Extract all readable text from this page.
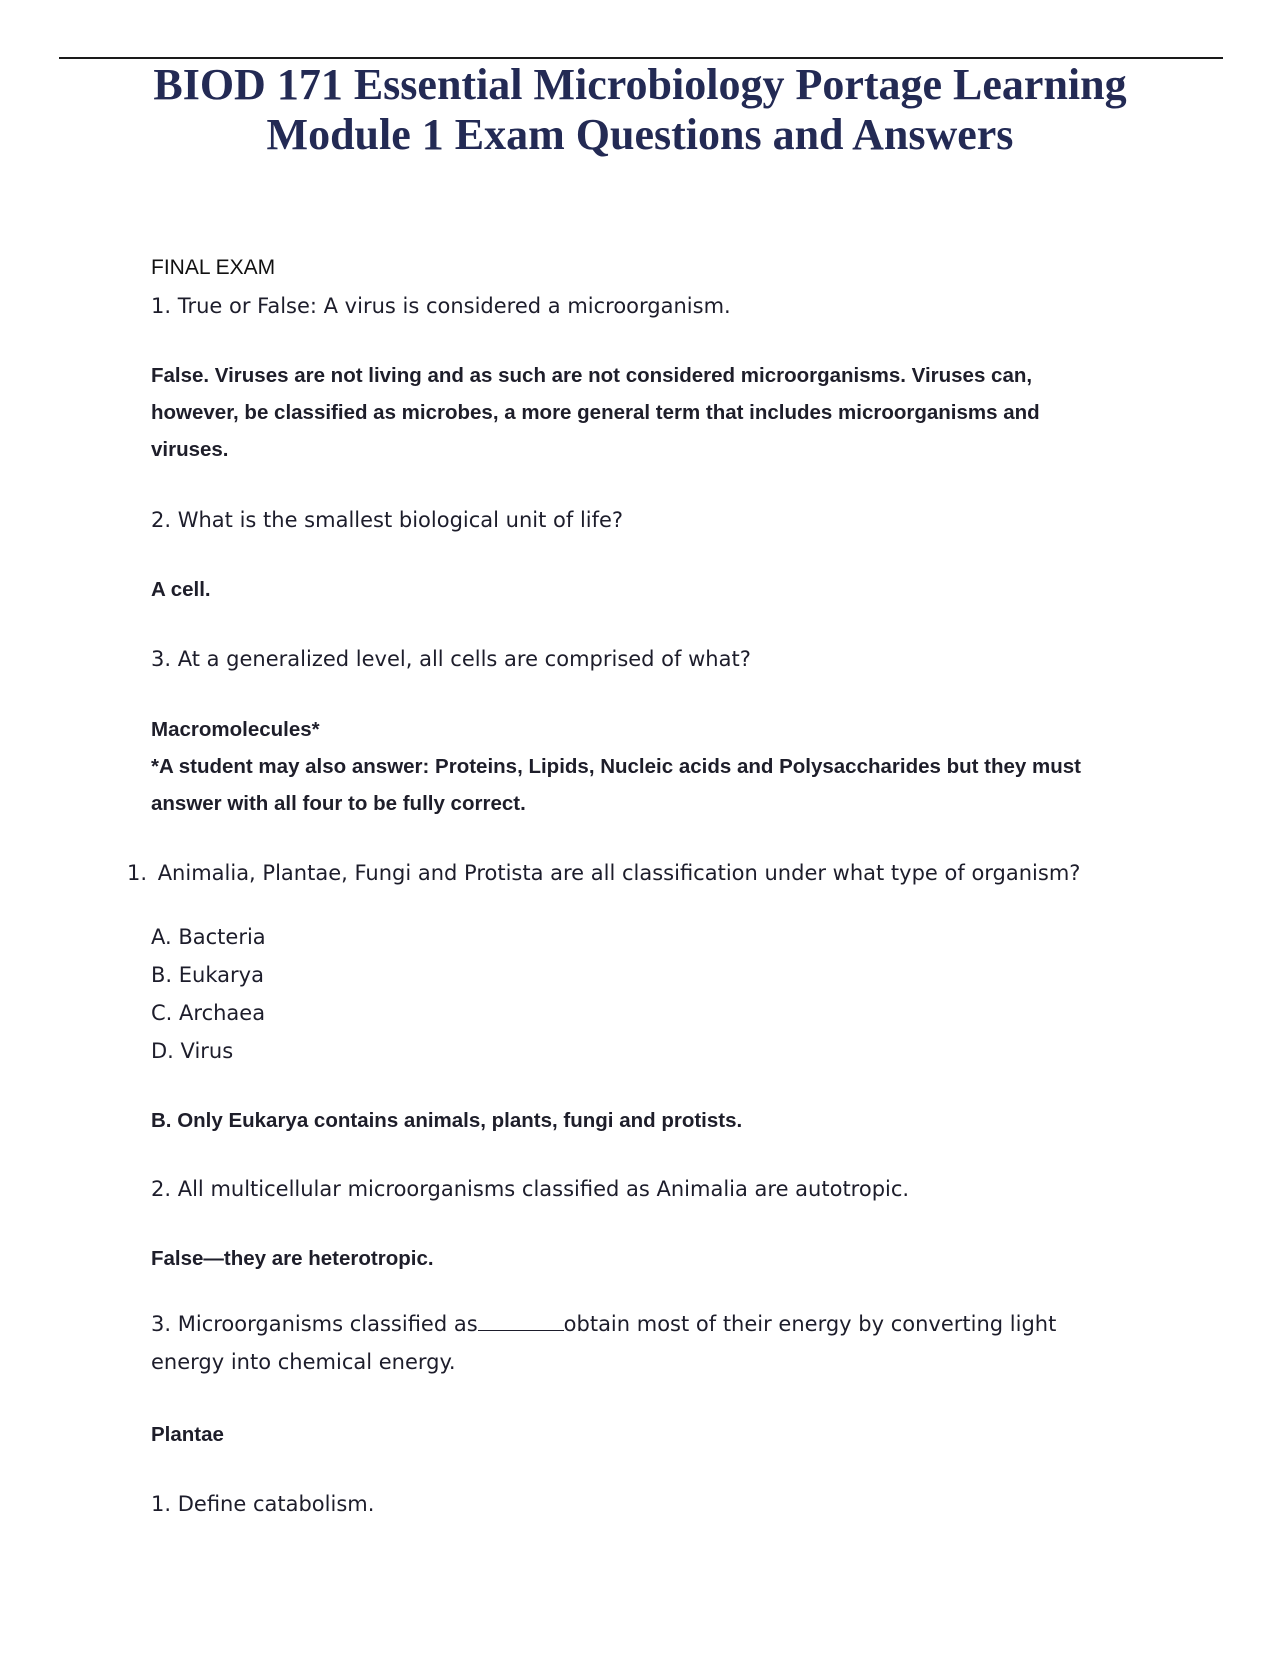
BIOD 171 Essential Microbiology Portage Learning
Module 1 Exam Questions and Answers

FINAL EXAM

1. True or False: A virus is considered a microorganism.

False. Viruses are not living and as such are not considered microorganisms. Viruses can, however, be classified as microbes, a more general term that includes microorganisms and viruses.

2. What is the smallest biological unit of life?

A cell.

3. At a generalized level, all cells are comprised of what?

Macromolecules*

*A student may also answer: Proteins, Lipids, Nucleic acids and Polysaccharides but they must answer with all four to be fully correct.

1. Animalia, Plantae, Fungi and Protista are all classification under what type of organism?

A. Bacteria

B. Eukarya

C. Archaea

D. Virus

B. Only Eukarya contains animals, plants, fungi and protists.

2. All multicellular microorganisms classified as Animalia are autotropic.

False—they are heterotropic.

3. Microorganisms classified as	obtain most of their energy by converting light energy into chemical energy.

Plantae

1. Define catabolism.
